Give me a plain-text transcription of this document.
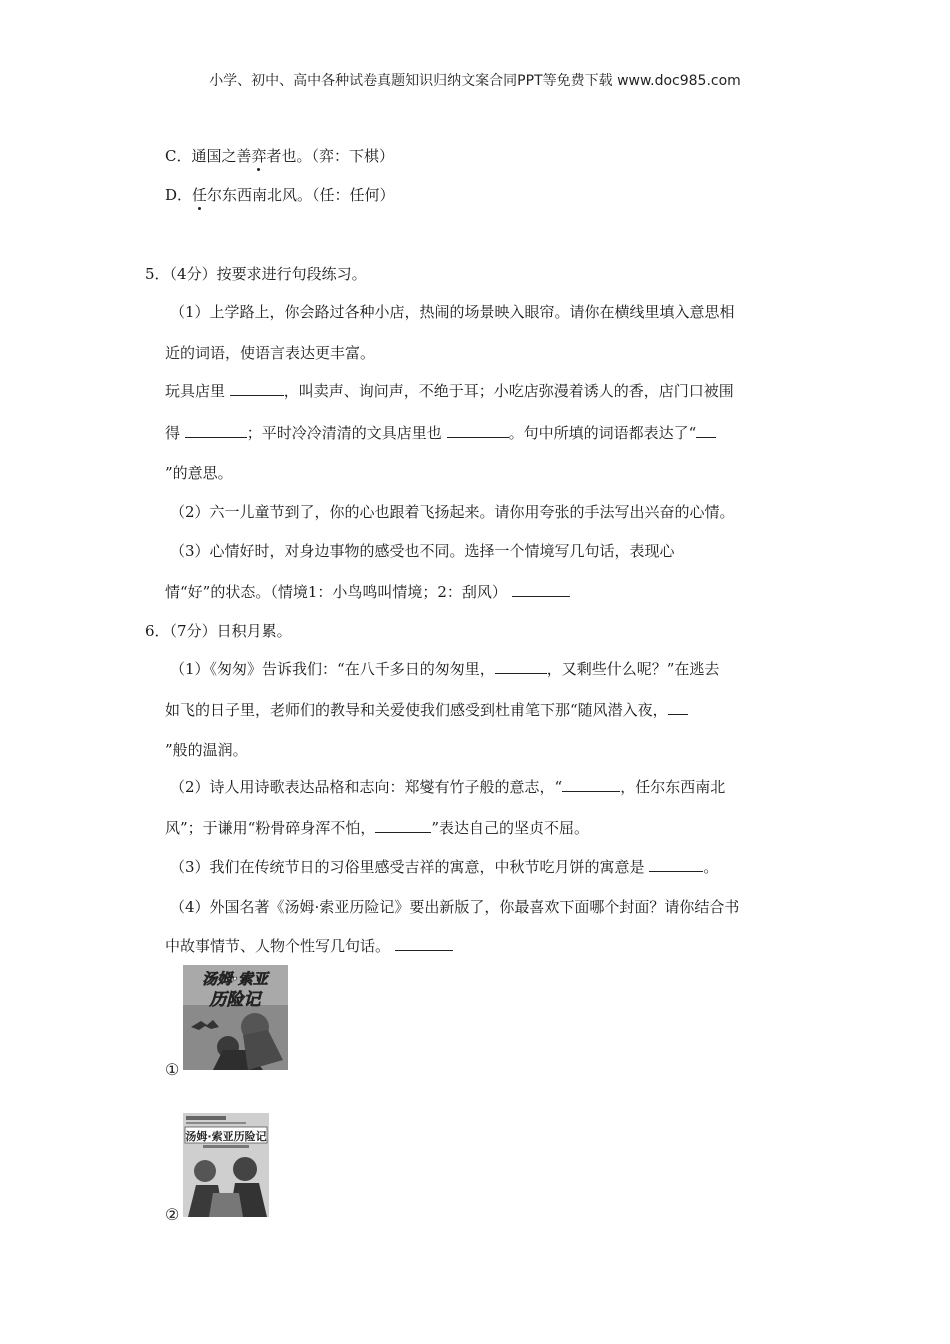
小学、初中、高中各种试卷真题知识归纳文案合同PPT等免费下载 www.doc985.com
C．通国之善弈者也。（弈：下棋）
D．任尔东西南北风。（任：任何）
5．（4分）按要求进行句段练习。
（1）上学路上，你会路过各种小店，热闹的场景映入眼帘。请你在横线里填入意思相
近的词语，使语言表达更丰富。
玩具店里	，叫卖声、询问声，不绝于耳；小吃店弥漫着诱人的香，店门口被围
得	；平时冷冷清清的文具店里也	。句中所填的词语都表达了“
”的意思。
（2）六一儿童节到了，你的心也跟着飞扬起来。请你用夸张的手法写出兴奋的心情。
（3）心情好时，对身边事物的感受也不同。选择一个情境写几句话，表现心
情“好”的状态。（情境1：小鸟鸣叫情境；2：刮风）
6．（7分）日积月累。
（1）《匆匆》告诉我们：“在八千多日的匆匆里，	，又剩些什么呢？”在逃去
如飞的日子里，老师们的教导和关爱使我们感受到杜甫笔下那“随风潜入夜，
”般的温润。
（2）诗人用诗歌表达品格和志向：郑燮有竹子般的意志，“	，任尔东西南北
风”；于谦用“粉骨碎身浑不怕，	”表达自己的坚贞不屈。
（3）我们在传统节日的习俗里感受吉祥的寓意，中秋节吃月饼的寓意是	。
（4）外国名著《汤姆·索亚历险记》要出新版了，你最喜欢下面哪个封面？请你结合书
中故事情节、人物个性写几句话。
汤姆·索亚
历险记
①
汤姆·索亚历险记
②
